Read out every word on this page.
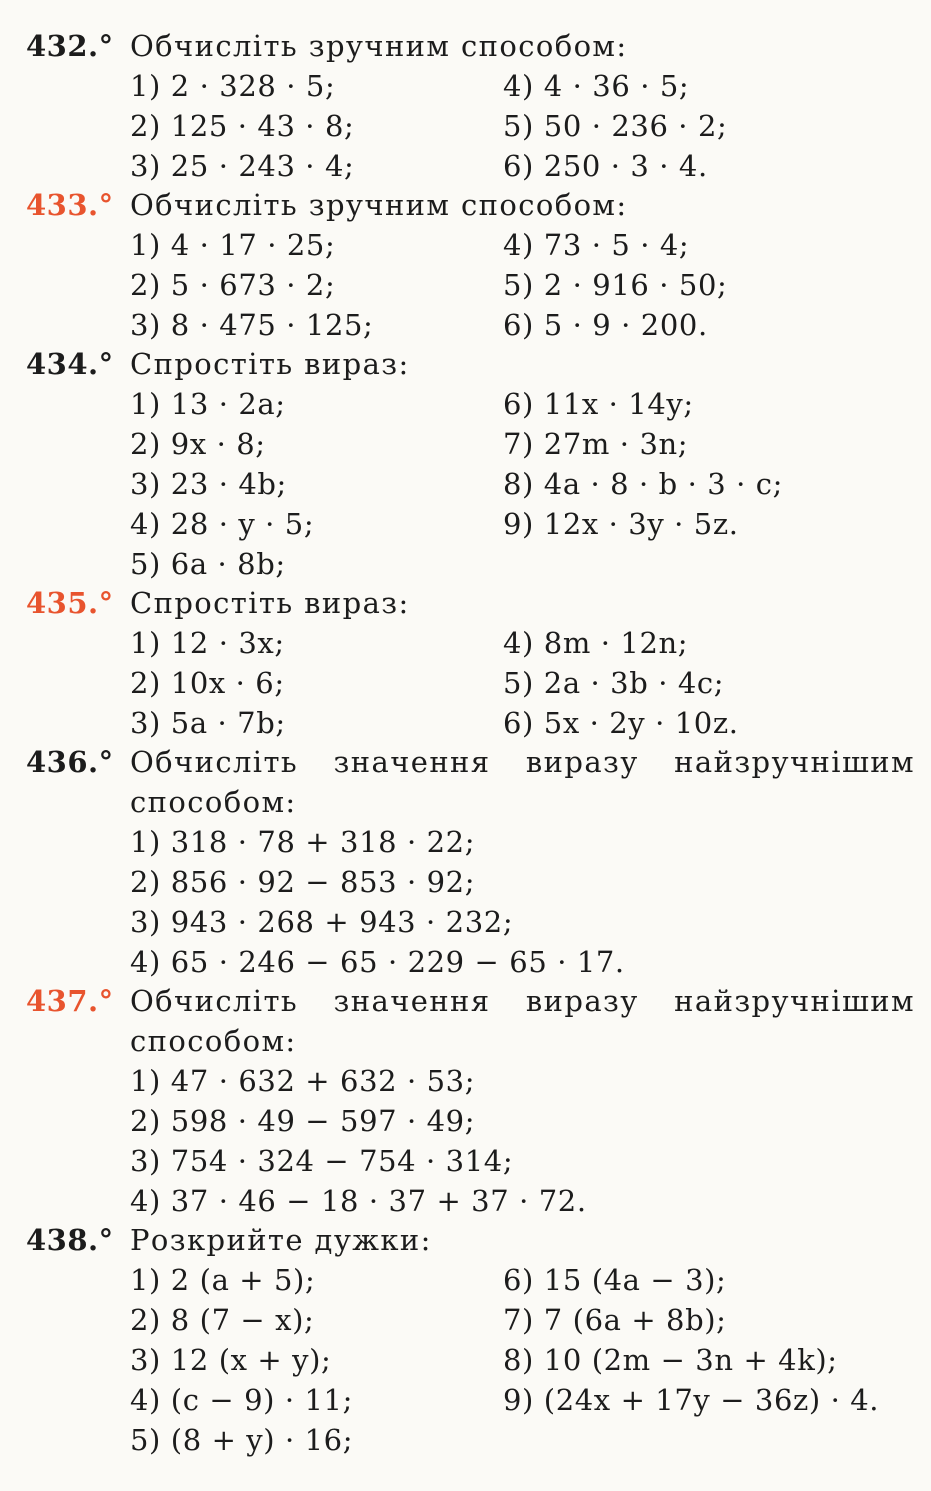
432.° Обчисліть зручним способом:
1) 2 · 328 · 5;	4) 4 · 36 · 5;
2) 125 · 43 · 8;	5) 50 · 236 · 2;
3) 25 · 243 · 4;	6) 250 · 3 · 4.
433.° Обчисліть зручним способом:
1) 4 · 17 · 25;	4) 73 · 5 · 4;
2) 5 · 673 · 2;	5) 2 · 916 · 50;
3) 8 · 475 · 125;	6) 5 · 9 · 200.
434.° Спростіть вираз:
1) 13 · 2a;	6) 11x · 14y;
2) 9x · 8;	7) 27m · 3n;
3) 23 · 4b;	8) 4a · 8 · b · 3 · c;
4) 28 · y · 5;	9) 12x · 3y · 5z.
5) 6a · 8b;
435.° Спростіть вираз:
1) 12 · 3x;	4) 8m · 12n;
2) 10x · 6;	5) 2a · 3b · 4c;
3) 5a · 7b;	6) 5x · 2y · 10z.
436.° Обчисліть значення виразу найзручнішим способом:
1) 318 · 78 + 318 · 22;
2) 856 · 92 − 853 · 92;
3) 943 · 268 + 943 · 232;
4) 65 · 246 − 65 · 229 − 65 · 17.
437.° Обчисліть значення виразу найзручнішим способом:
1) 47 · 632 + 632 · 53;
2) 598 · 49 − 597 · 49;
3) 754 · 324 − 754 · 314;
4) 37 · 46 − 18 · 37 + 37 · 72.
438.° Розкрийте дужки:
1) 2 (a + 5);	6) 15 (4a − 3);
2) 8 (7 − x);	7) 7 (6a + 8b);
3) 12 (x + y);	8) 10 (2m − 3n + 4k);
4) (c − 9) · 11;	9) (24x + 17y − 36z) · 4.
5) (8 + y) · 16;
